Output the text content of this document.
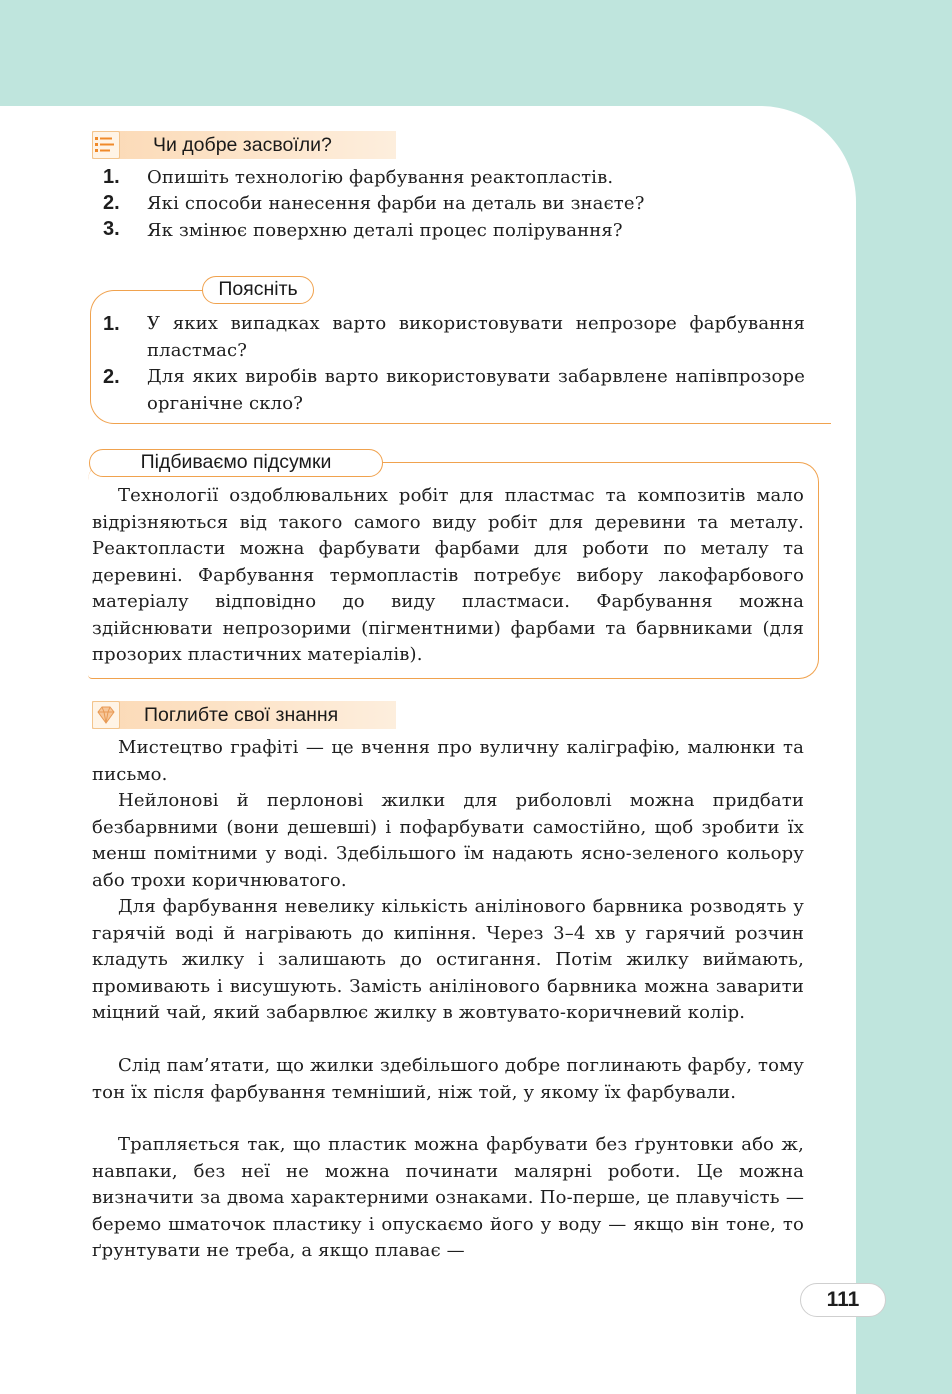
Чи добре засвоїли?
1. Опишіть технологію фарбування реактопластів.
2. Які способи нанесення фарби на деталь ви знаєте?
3. Як змінює поверхню деталі процес полірування?
Поясніть
1. У яких випадках варто використовувати непрозоре фарбування пластмас?
2. Для яких виробів варто використовувати забарвлене напівпрозоре органічне скло?
Підбиваємо підсумки
Технології оздоблювальних робіт для пластмас та композитів мало відрізняються від такого самого виду робіт для деревини та металу. Реактопласти можна фарбувати фарбами для роботи по металу та деревині. Фарбування термопластів потребує вибору лакофарбового матеріалу відповідно до виду пластмаси. Фарбування можна здійснювати непрозорими (пігментними) фарбами та барвниками (для прозорих пластичних матеріалів).
Поглибте свої знання
Мистецтво графіті — це вчення про вуличну каліграфію, малюнки та письмо.
Нейлонові й перлонові жилки для риболовлі можна придбати безбарвними (вони дешевші) і пофарбувати самостійно, щоб зробити їх менш помітними у воді. Здебільшого їм надають ясно-зеленого кольору або трохи коричнюватого.
Для фарбування невелику кількість анілінового барвника розводять у гарячій воді й нагрівають до кипіння. Через 3–4 хв у гарячий розчин кладуть жилку і залишають до остигання. Потім жилку виймають, промивають і висушують. Замість анілінового барвника можна заварити міцний чай, який забарвлює жилку в жовтувато-коричневий колір.
Слід пам’ятати, що жилки здебільшого добре поглинають фарбу, тому тон їх після фарбування темніший, ніж той, у якому їх фарбували.
Трапляється так, що пластик можна фарбувати без ґрунтовки або ж, навпаки, без неї не можна починати малярні роботи. Це можна визначити за двома характерними ознаками. По-перше, це плавучість — беремо шматочок пластику і опускаємо його у воду — якщо він тоне, то ґрунтувати не треба, а якщо плаває —
111
